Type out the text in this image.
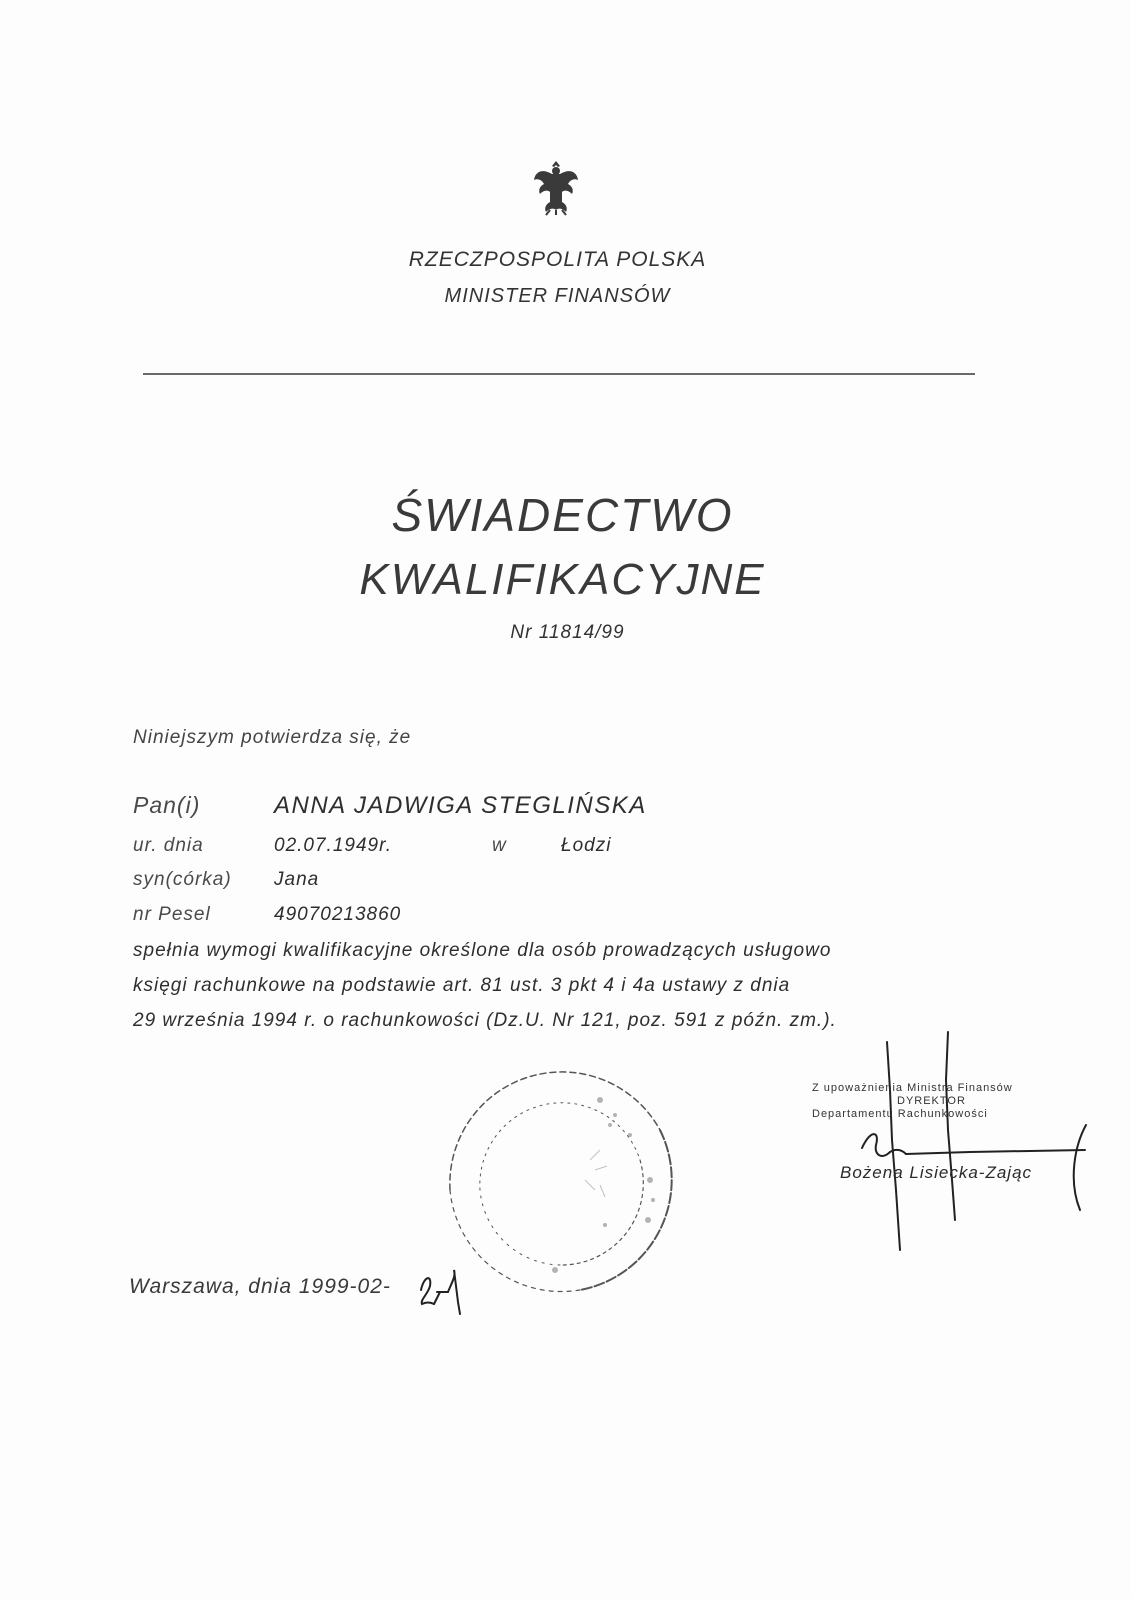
RZECZPOSPOLITA POLSKA
MINISTER FINANSÓW
ŚWIADECTWO
KWALIFIKACYJNE
Nr 11814/99
Niniejszym potwierdza się, że
Pan(i)	ANNA JADWIGA STEGLIŃSKA
ur. dnia	02.07.1949r.	w	Łodzi
syn(córka) Jana
nr Pesel	49070213860
spełnia wymogi kwalifikacyjne określone dla osób prowadzących usługowo
księgi rachunkowe na podstawie art. 81 ust. 3 pkt 4 i 4a ustawy z dnia
29 września 1994 r. o rachunkowości (Dz.U. Nr 121, poz. 591 z późn. zm.).
Z upoważnienia Ministra Finansów
DYREKTOR
Departamentu Rachunkowości
Bożena Lisiecka-Zając
Warszawa, dnia 1999-02-
